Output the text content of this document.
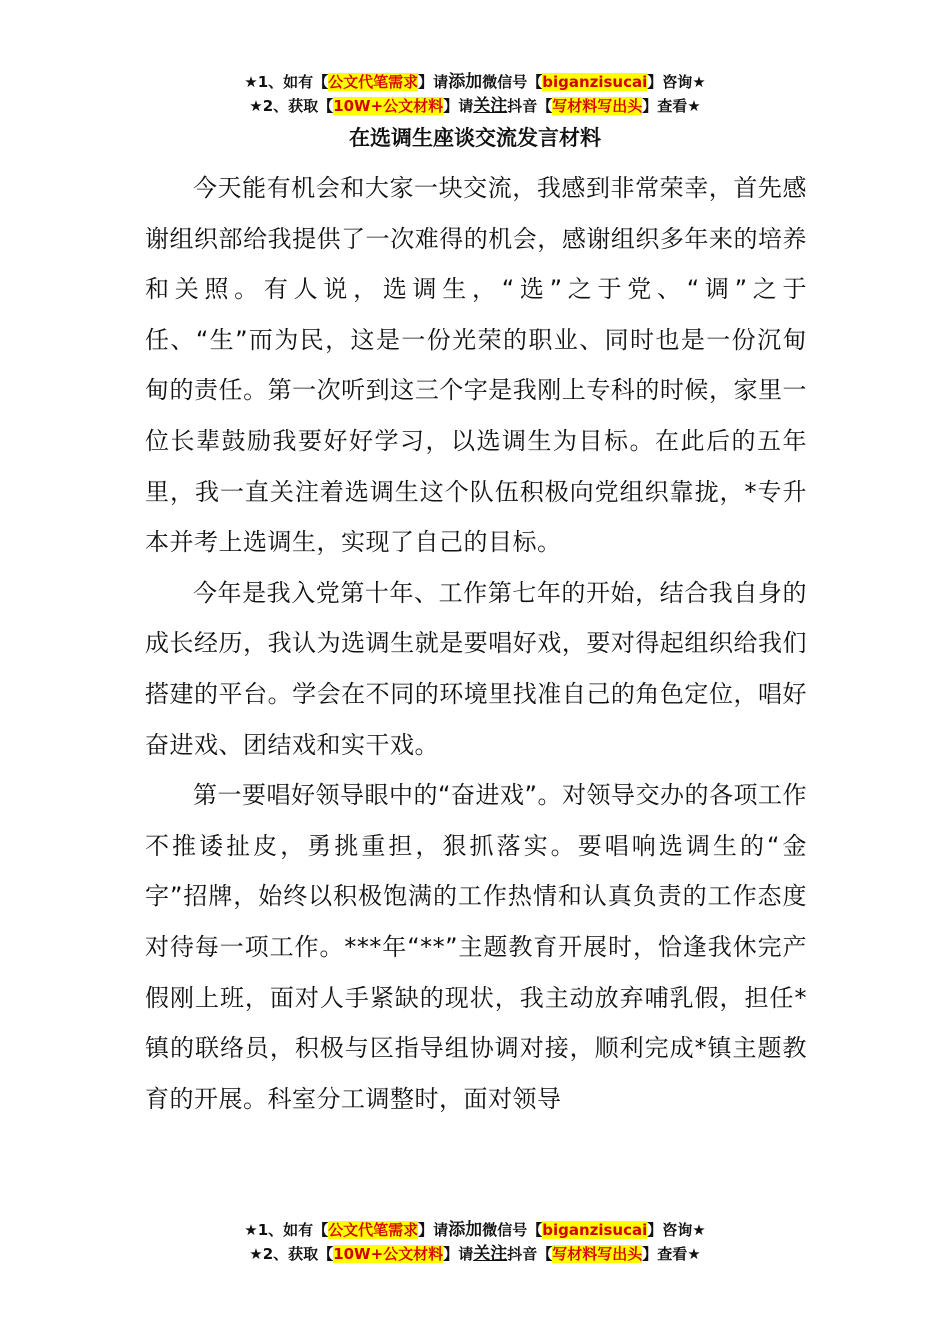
★1、如有【公文代笔需求】请添加微信号【biganzisucai】咨询★
★2、获取【10W+公文材料】请关注抖音【写材料写出头】查看★
在选调生座谈交流发言材料

今天能有机会和大家一块交流，我感到非常荣幸，首先感谢组织部给我提供了一次难得的机会，感谢组织多年来的培养和关照。有人说，选调生，“选”之于党、“调”之于任、“生”而为民，这是一份光荣的职业、同时也是一份沉甸甸的责任。第一次听到这三个字是我刚上专科的时候，家里一位长辈鼓励我要好好学习，以选调生为目标。在此后的五年里，我一直关注着选调生这个队伍积极向党组织靠拢，*专升本并考上选调生，实现了自己的目标。

今年是我入党第十年、工作第七年的开始，结合我自身的成长经历，我认为选调生就是要唱好戏，要对得起组织给我们搭建的平台。学会在不同的环境里找准自己的角色定位，唱好奋进戏、团结戏和实干戏。

第一要唱好领导眼中的“奋进戏”。对领导交办的各项工作不推诿扯皮，勇挑重担，狠抓落实。要唱响选调生的“金字”招牌，始终以积极饱满的工作热情和认真负责的工作态度对待每一项工作。***年“**”主题教育开展时，恰逢我休完产假刚上班，面对人手紧缺的现状，我主动放弃哺乳假，担任*镇的联络员，积极与区指导组协调对接，顺利完成*镇主题教育的开展。科室分工调整时，面对领导

★1、如有【公文代笔需求】请添加微信号【biganzisucai】咨询★
★2、获取【10W+公文材料】请关注抖音【写材料写出头】查看★
